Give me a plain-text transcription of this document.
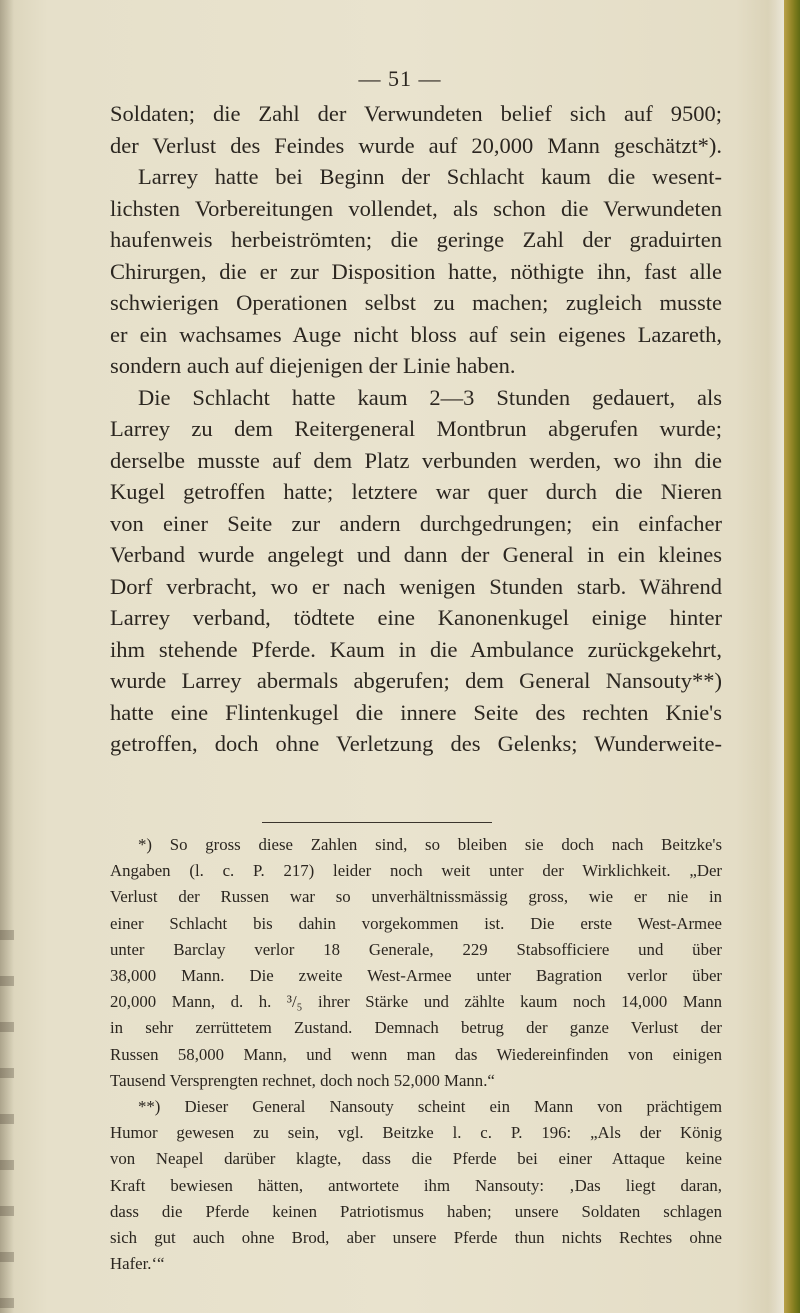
— 51 —
Soldaten; die Zahl der Verwundeten belief sich auf 9500;
der Verlust des Feindes wurde auf 20,000 Mann geschätzt*).
Larrey hatte bei Beginn der Schlacht kaum die wesent-
lichsten Vorbereitungen vollendet, als schon die Verwundeten
haufenweis herbeiströmten; die geringe Zahl der graduirten
Chirurgen, die er zur Disposition hatte, nöthigte ihn, fast alle
schwierigen Operationen selbst zu machen; zugleich musste
er ein wachsames Auge nicht bloss auf sein eigenes Lazareth,
sondern auch auf diejenigen der Linie haben.
Die Schlacht hatte kaum 2—3 Stunden gedauert, als
Larrey zu dem Reitergeneral Montbrun abgerufen wurde;
derselbe musste auf dem Platz verbunden werden, wo ihn die
Kugel getroffen hatte; letztere war quer durch die Nieren
von einer Seite zur andern durchgedrungen; ein einfacher
Verband wurde angelegt und dann der General in ein kleines
Dorf verbracht, wo er nach wenigen Stunden starb. Während
Larrey verband, tödtete eine Kanonenkugel einige hinter
ihm stehende Pferde. Kaum in die Ambulance zurückgekehrt,
wurde Larrey abermals abgerufen; dem General Nansouty**)
hatte eine Flintenkugel die innere Seite des rechten Knie's
getroffen, doch ohne Verletzung des Gelenks; Wunderweite-
*) So gross diese Zahlen sind, so bleiben sie doch nach Beitzke's
Angaben (l. c. P. 217) leider noch weit unter der Wirklichkeit. „Der
Verlust der Russen war so unverhältnissmässig gross, wie er nie in
einer Schlacht bis dahin vorgekommen ist. Die erste West-Armee
unter Barclay verlor 18 Generale, 229 Stabsofficiere und über
38,000 Mann. Die zweite West-Armee unter Bagration verlor über
20,000 Mann, d. h. ³/₅ ihrer Stärke und zählte kaum noch 14,000 Mann
in sehr zerrüttetem Zustand. Demnach betrug der ganze Verlust der
Russen 58,000 Mann, und wenn man das Wiedereinfinden von einigen
Tausend Versprengten rechnet, doch noch 52,000 Mann.“
**) Dieser General Nansouty scheint ein Mann von prächtigem
Humor gewesen zu sein, vgl. Beitzke l. c. P. 196: „Als der König
von Neapel darüber klagte, dass die Pferde bei einer Attaque keine
Kraft bewiesen hätten, antwortete ihm Nansouty: ‚Das liegt daran,
dass die Pferde keinen Patriotismus haben; unsere Soldaten schlagen
sich gut auch ohne Brod, aber unsere Pferde thun nichts Rechtes ohne
Hafer.‘“
